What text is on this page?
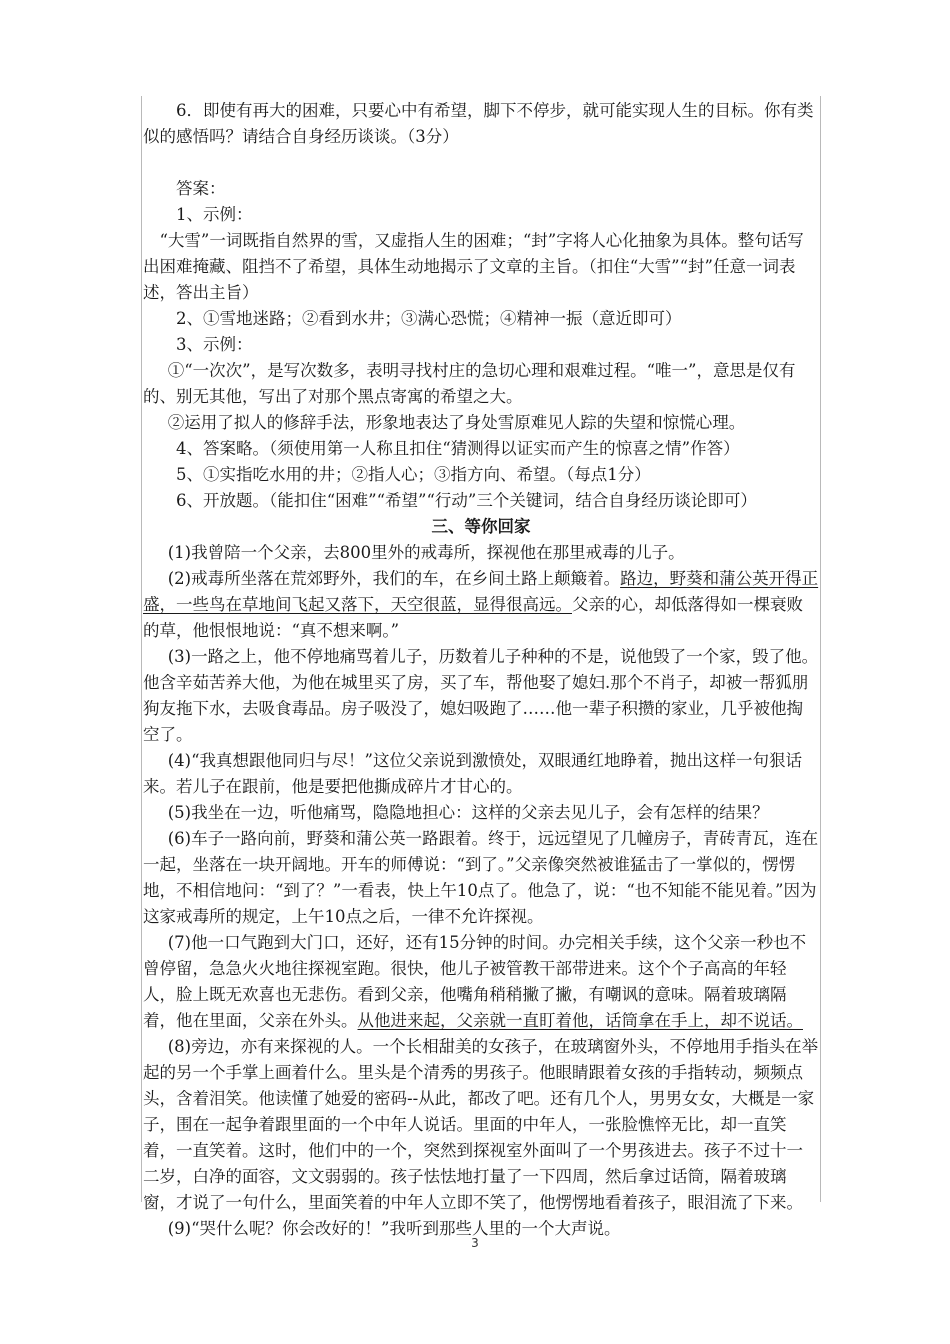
6．即使有再大的困难，只要心中有希望，脚下不停步，就可能实现人生的目标。你有类似的感悟吗？请结合自身经历谈谈。（3分）

答案：

1、示例：

“大雪”一词既指自然界的雪，又虚指人生的困难；“封”字将人心化抽象为具体。整句话写出困难掩藏、阻挡不了希望，具体生动地揭示了文章的主旨。（扣住“大雪”“封”任意一词表述，答出主旨）

2、①雪地迷路；②看到水井；③满心恐慌；④精神一振（意近即可）

3、示例：

①“一次次”，是写次数多，表明寻找村庄的急切心理和艰难过程。“唯一”，意思是仅有的、别无其他，写出了对那个黑点寄寓的希望之大。

②运用了拟人的修辞手法，形象地表达了身处雪原难见人踪的失望和惊慌心理。

4、答案略。（须使用第一人称且扣住“猜测得以证实而产生的惊喜之情”作答）

5、①实指吃水用的井；②指人心；③指方向、希望。（每点1分）

6、开放题。（能扣住“困难”“希望”“行动”三个关键词，结合自身经历谈论即可）

三、等你回家

(1)我曾陪一个父亲，去800里外的戒毒所，探视他在那里戒毒的儿子。

(2)戒毒所坐落在荒郊野外，我们的车，在乡间土路上颠簸着。路边，野葵和蒲公英开得正盛，一些鸟在草地间飞起又落下，天空很蓝，显得很高远。父亲的心，却低落得如一棵衰败的草，他恨恨地说：“真不想来啊。”

(3)一路之上，他不停地痛骂着儿子，历数着儿子种种的不是，说他毁了一个家，毁了他。他含辛茹苦养大他，为他在城里买了房，买了车，帮他娶了媳妇.那个不肖子，却被一帮狐朋狗友拖下水，去吸食毒品。房子吸没了，媳妇吸跑了……他一辈子积攒的家业，几乎被他掏空了。

(4)“我真想跟他同归与尽！”这位父亲说到激愤处，双眼通红地睁着，抛出这样一句狠话来。若儿子在跟前，他是要把他撕成碎片才甘心的。

(5)我坐在一边，听他痛骂，隐隐地担心：这样的父亲去见儿子，会有怎样的结果？

(6)车子一路向前，野葵和蒲公英一路跟着。终于，远远望见了几幢房子，青砖青瓦，连在一起，坐落在一块开阔地。开车的师傅说：“到了。”父亲像突然被谁猛击了一掌似的，愣愣地，不相信地问：“到了？”一看表，快上午10点了。他急了，说：“也不知能不能见着。”因为这家戒毒所的规定，上午10点之后，一律不允许探视。

(7)他一口气跑到大门口，还好，还有15分钟的时间。办完相关手续，这个父亲一秒也不曾停留，急急火火地往探视室跑。很快，他儿子被管教干部带进来。这个个子高高的年轻人，脸上既无欢喜也无悲伤。看到父亲，他嘴角稍稍撇了撇，有嘲讽的意味。隔着玻璃隔着，他在里面，父亲在外头。从他进来起，父亲就一直盯着他，话筒拿在手上，却不说话。

(8)旁边，亦有来探视的人。一个长相甜美的女孩子，在玻璃窗外头，不停地用手指头在举起的另一个手掌上画着什么。里头是个清秀的男孩子。他眼睛跟着女孩的手指转动，频频点头，含着泪笑。他读懂了她爱的密码--从此，都改了吧。还有几个人，男男女女，大概是一家子，围在一起争着跟里面的一个中年人说话。里面的中年人，一张脸憔悴无比，却一直笑着，一直笑着。这时，他们中的一个，突然到探视室外面叫了一个男孩进去。孩子不过十一二岁，白净的面容，文文弱弱的。孩子怯怯地打量了一下四周，然后拿过话筒，隔着玻璃窗，才说了一句什么，里面笑着的中年人立即不笑了，他愣愣地看着孩子，眼泪流了下来。

(9)“哭什么呢？你会改好的！”我听到那些人里的一个大声说。

3
